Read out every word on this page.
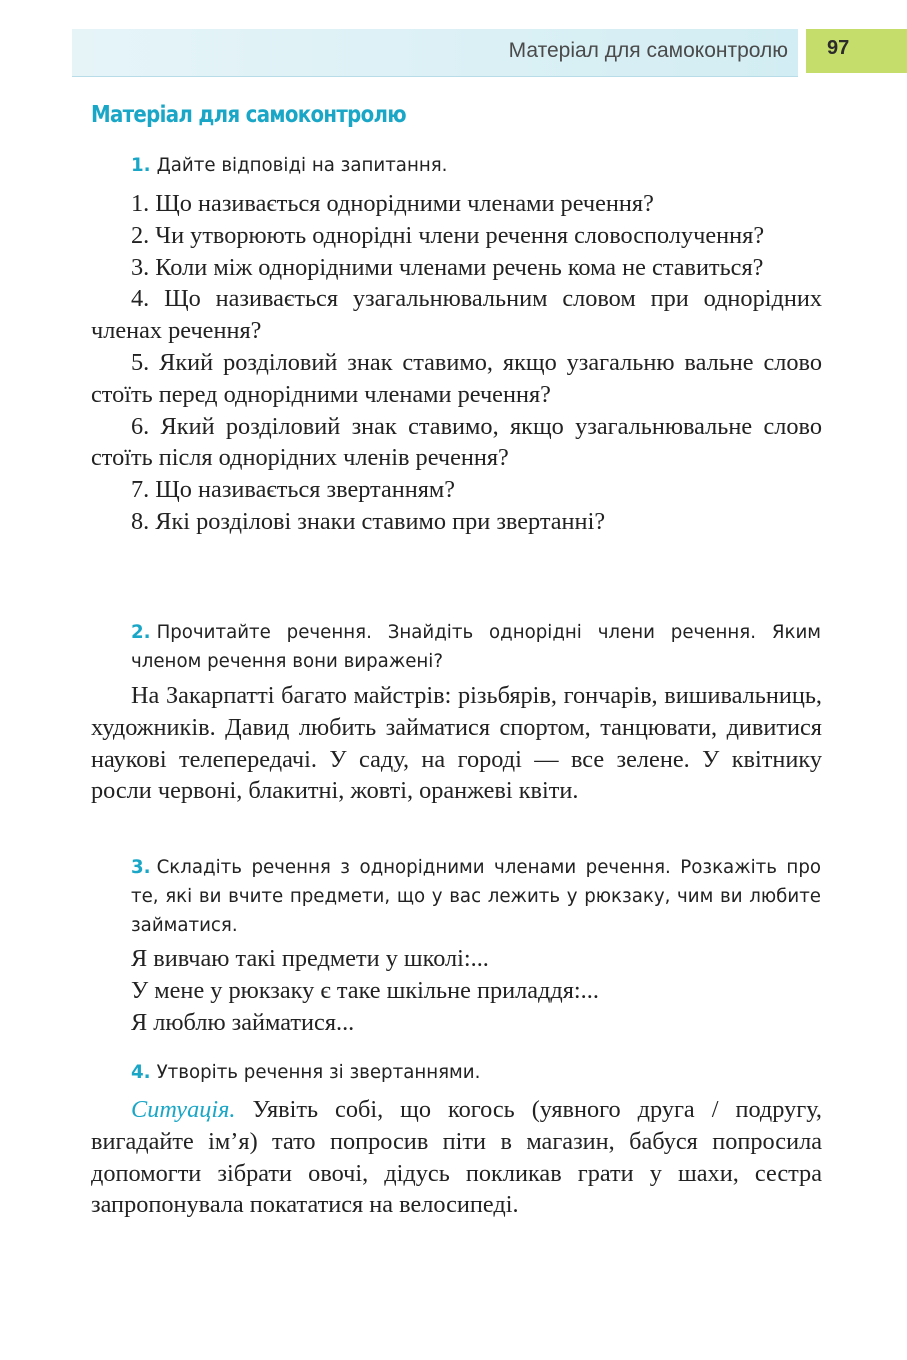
Матеріал для самоконтролю 97
Матеріал для самоконтролю

1. Дайте відповіді на запитання.

1. Що називається однорідними членами речення?

2. Чи утворюють однорідні члени речення словосполучення?

3. Коли між однорідними членами речень кома не ставиться?

4. Що називається узагальнювальним словом при однорідних членах речення?

5. Який розділовий знак ставимо, якщо узагальню вальне слово стоїть перед однорідними членами речення?

6. Який розділовий знак ставимо, якщо узагальнювальне слово стоїть після однорідних членів речення?

7. Що називається звертанням?

8. Які розділові знаки ставимо при звертанні?

2. Прочитайте речення. Знайдіть однорідні члени речення. Яким членом речення вони виражені?

На Закарпатті багато майстрів: різьбярів, гончарів, вишивальниць, художників. Давид любить займатися спортом, танцювати, дивитися наукові телепередачі. У саду, на городі — все зелене. У квітнику росли червоні, блакитні, жовті, оранжеві квіти.

3. Складіть речення з однорідними членами речення. Розкажіть про те, які ви вчите предмети, що у вас лежить у рюкзаку, чим ви любите займатися.

Я вивчаю такі предмети у школі:...

У мене у рюкзаку є таке шкільне приладдя:...

Я люблю займатися...

4. Утворіть речення зі звертаннями.

Ситуація. Уявіть собі, що когось (уявного друга / подругу, вигадайте ім’я) тато попросив піти в магазин, бабуся попросила допомогти зібрати овочі, дідусь покликав грати у шахи, сестра запропонувала покататися на велосипеді.
